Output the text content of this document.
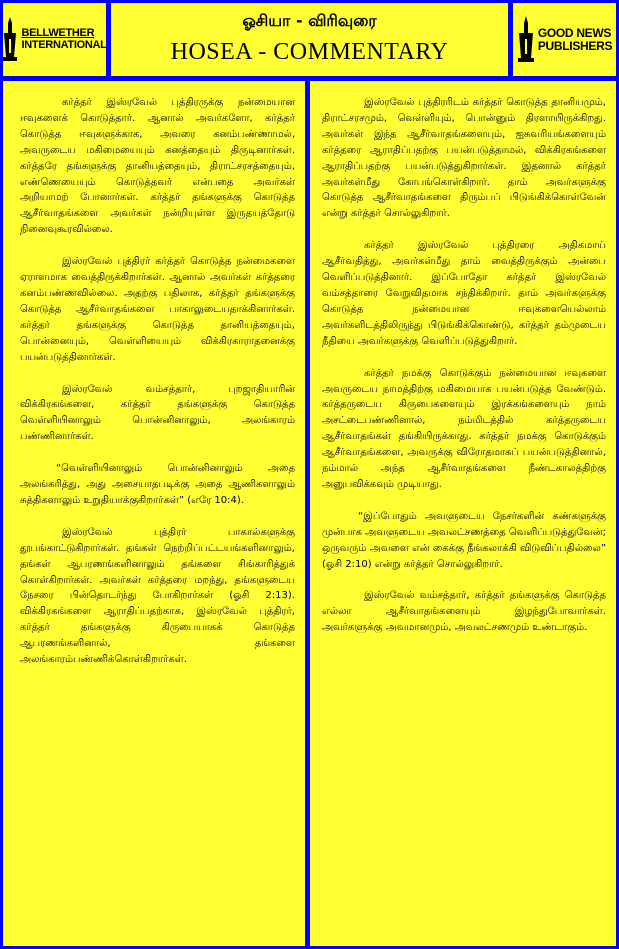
BELLWETHER
INTERNATIONAL
ஓசியா - விரிவுரை
HOSEA - COMMENTARY
GOOD NEWS
PUBLISHERS

கர்த்தர் இஸ்ரவேல் புத்திரருக்கு நன்மையான ஈவுகளைக் கொடுத்தார். ஆனால் அவர்களோ, கர்த்தர் கொடுத்த ஈவுகளுக்காக, அவரை கனம்பண்ணாமல், அவருடைய மகிமையையும் கனத்தையும் திருடினார்கள். கர்த்தரே தங்களுக்கு தானியத்தையும், திராட்சரசத்தையும், எண்ணெயையும் கொடுத்தவர் என்பதை அவர்கள் அறியாமற் போனார்கள். கர்த்தர் தங்களுக்கு கொடுத்த ஆசீர்வாதங்களை அவர்கள் நன்றியுள்ள இருதயத்தோடு நினைவுகூரவில்லை.

இஸ்ரவேல் புத்திரர் கர்த்தர் கொடுத்த நன்மைகளை ஏராளமாக வைத்திருக்கிறார்கள். ஆனால் அவர்கள் கர்த்தரை கனம்பண்ணவில்லை. அதற்கு பதிலாக, கர்த்தர் தங்களுக்கு கொடுத்த ஆசீர்வாதங்களை பாகாலுடையதாக்கினார்கள். கர்த்தர் தங்களுக்கு கொடுத்த தானியத்தையும், பொன்னையும், வெள்ளியையும் விக்கிரகாராதனைக்கு பயன்படுத்தினார்கள்.

இஸ்ரவேல் வம்சத்தார், புறஜாதியாரின் விக்கிரகங்களை, கர்த்தர் தங்களுக்கு கொடுத்த வெள்ளியினாலும் பொன்னினாலும், அலங்காரம் பண்ணினார்கள்.

“வெள்ளியினாலும் பொன்னினாலும் அதை அலங்கரித்து, அது அசையாதபடிக்கு அதை ஆணிகளாலும் சுத்திகளாலும் உறுதியாக்குகிறார்கள்” (எரே 10:4).

இஸ்ரவேல் புத்திரர் பாகால்களுக்கு தூபங்காட்டுகிறார்கள். தங்கள் நெற்றிப்பட்டயங்களினாலும், தங்கள் ஆபரணங்களினாலும் தங்களை சிங்காரித்துக் கொள்கிறார்கள். அவர்கள் கர்த்தரை மறந்து, தங்களுடைய நேசரை பின்தொடர்ந்து போகிறார்கள் (ஓசி 2:13). விக்கிரகங்களை ஆராதிப்பதற்காக, இஸ்ரவேல் புத்திரர், கர்த்தர் தங்களுக்கு கிருபையாகக் கொடுத்த ஆபரணங்களினால், தங்களை அலங்காரம்பண்ணிக்கொள்கிறார்கள்.

இஸ்ரவேல் புத்திரரிடம் கர்த்தர் கொடுத்த தானியமும், திராட்சரசமும், வெள்ளியும், பொன்னும் திரளாயிருக்கிறது. அவர்கள் இந்த ஆசீர்வாதங்களையும், ஐசுவரியங்களையும் கர்த்தரை ஆராதிப்பதற்கு பயன்படுத்தாமல், விக்கிரகங்களை ஆராதிப்பதற்கு பயன்படுத்துகிறார்கள். இதனால் கர்த்தர் அவர்கள்மீது கோபங்கொள்கிறார். தாம் அவர்களுக்கு கொடுத்த ஆசீர்வாதங்களை திரும்பப் பிடுங்கிக்கொள்வேன் என்று கர்த்தர் சொல்லுகிறார்.

கர்த்தர் இஸ்ரவேல் புத்திரரை அதிகமாய் ஆசீர்வதித்து, அவர்கள்மீது தாம் வைத்திருக்கும் அன்பை வெளிப்படுத்தினார். இப்போதோ கர்த்தர் இஸ்ரவேல் வம்சத்தாரை வேறுவிதமாக சந்திக்கிறார். தாம் அவர்களுக்கு கொடுத்த நன்மையான ஈவுகளையெல்லாம் அவர்களிடத்திலிருந்து பிடுங்கிக்கொண்டு, கர்த்தர் தம்முடைய நீதியை அவர்களுக்கு வெளிப்படுத்துகிறார்.

கர்த்தர் நமக்கு கொடுக்கும் நன்மையான ஈவுகளை அவருடைய நாமத்திற்கு மகிமையாக பயன்படுத்த வேண்டும். கர்த்தருடைய கிருபைகளையும் இரக்கங்களையும் நாம் அசட்டைபண்ணினால், நம்மிடத்தில் கர்த்தருடைய ஆசீர்வாதங்கள் தங்கியிருக்காது. கர்த்தர் நமக்கு கொடுக்கும் ஆசீர்வாதங்களை, அவருக்கு விரோதமாகப் பயன்படுத்தினால், நம்மால் அந்த ஆசீர்வாதங்களை நீண்டகாலத்திற்கு அனுபவிக்கவும் முடியாது.

“இப்போதும் அவளுடைய நேசர்களின் கண்களுக்கு முன்பாக அவளுடைய அவலட்சணத்தை வெளிப்படுத்துவேன்; ஒருவரும் அவளை என் கைக்கு நீங்கலாக்கி விடுவிப்பதில்லை” (ஓசி 2:10) என்று கர்த்தர் சொல்லுகிறார்.

இஸ்ரவேல் வம்சத்தார், கர்த்தர் தங்களுக்கு கொடுத்த எல்லா ஆசீர்வாதங்களையும் இழந்துபோவார்கள். அவர்களுக்கு அவமானமும், அவலட்சணமும் உண்டாகும்.
